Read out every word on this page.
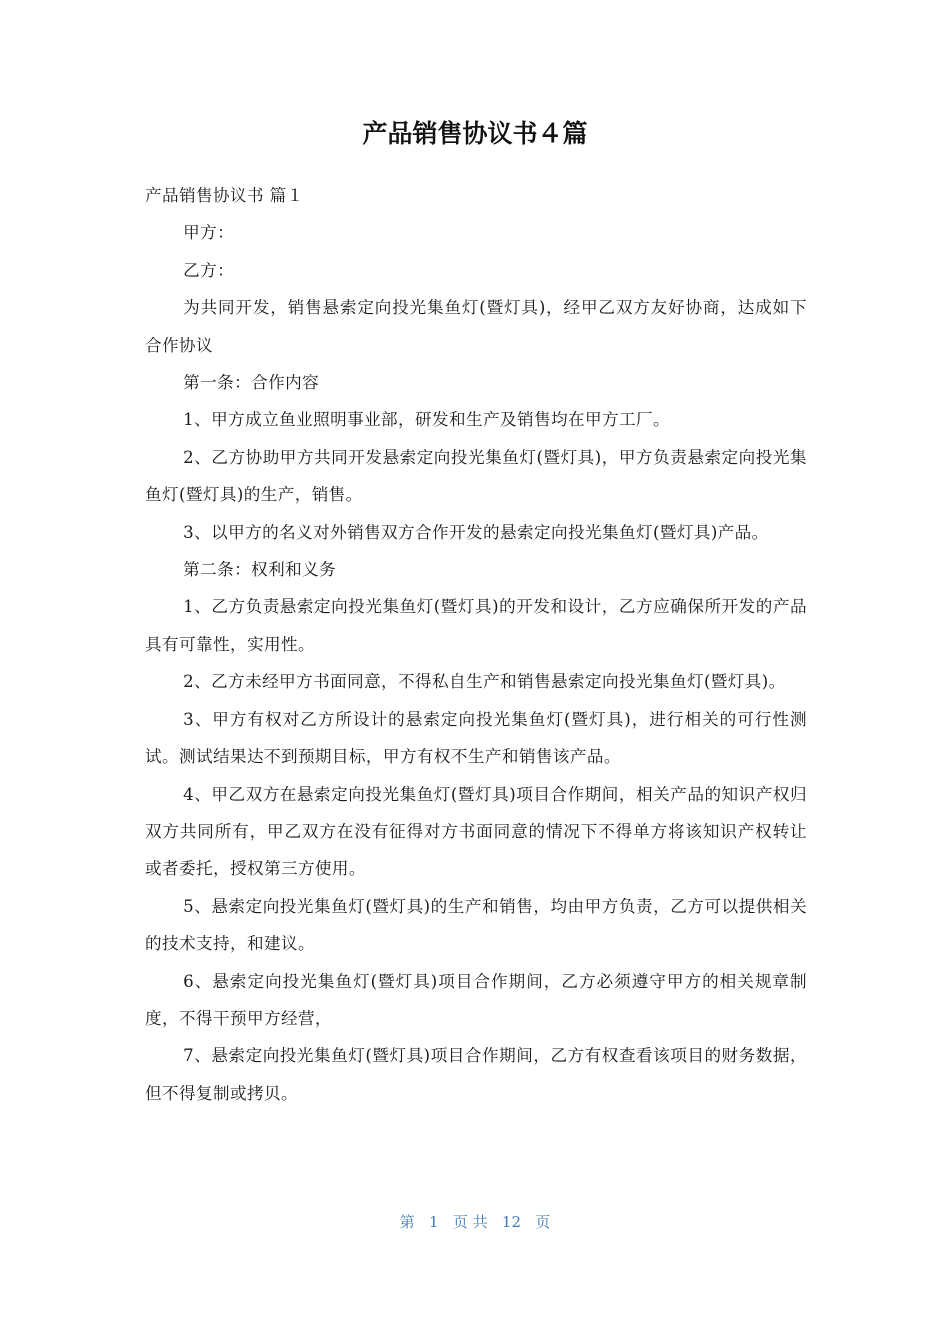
产品销售协议书４篇

产品销售协议书 篇１

甲方：

乙方：

为共同开发，销售悬索定向投光集鱼灯(暨灯具)，经甲乙双方友好协商，达成如下合作协议

第一条：合作内容

1、甲方成立鱼业照明事业部，研发和生产及销售均在甲方工厂。

2、乙方协助甲方共同开发悬索定向投光集鱼灯(暨灯具)，甲方负责悬索定向投光集鱼灯(暨灯具)的生产，销售。

3、以甲方的名义对外销售双方合作开发的悬索定向投光集鱼灯(暨灯具)产品。

第二条：权利和义务

1、乙方负责悬索定向投光集鱼灯(暨灯具)的开发和设计，乙方应确保所开发的产品具有可靠性，实用性。

2、乙方未经甲方书面同意，不得私自生产和销售悬索定向投光集鱼灯(暨灯具)。

3、甲方有权对乙方所设计的悬索定向投光集鱼灯(暨灯具)，进行相关的可行性测试。测试结果达不到预期目标，甲方有权不生产和销售该产品。

4、甲乙双方在悬索定向投光集鱼灯(暨灯具)项目合作期间，相关产品的知识产权归双方共同所有，甲乙双方在没有征得对方书面同意的情况下不得单方将该知识产权转让或者委托，授权第三方使用。

5、悬索定向投光集鱼灯(暨灯具)的生产和销售，均由甲方负责，乙方可以提供相关的技术支持，和建议。

6、悬索定向投光集鱼灯(暨灯具)项目合作期间，乙方必须遵守甲方的相关规章制度，不得干预甲方经营，

7、悬索定向投光集鱼灯(暨灯具)项目合作期间，乙方有权查看该项目的财务数据，但不得复制或拷贝。

第 1 页 共 12 页
